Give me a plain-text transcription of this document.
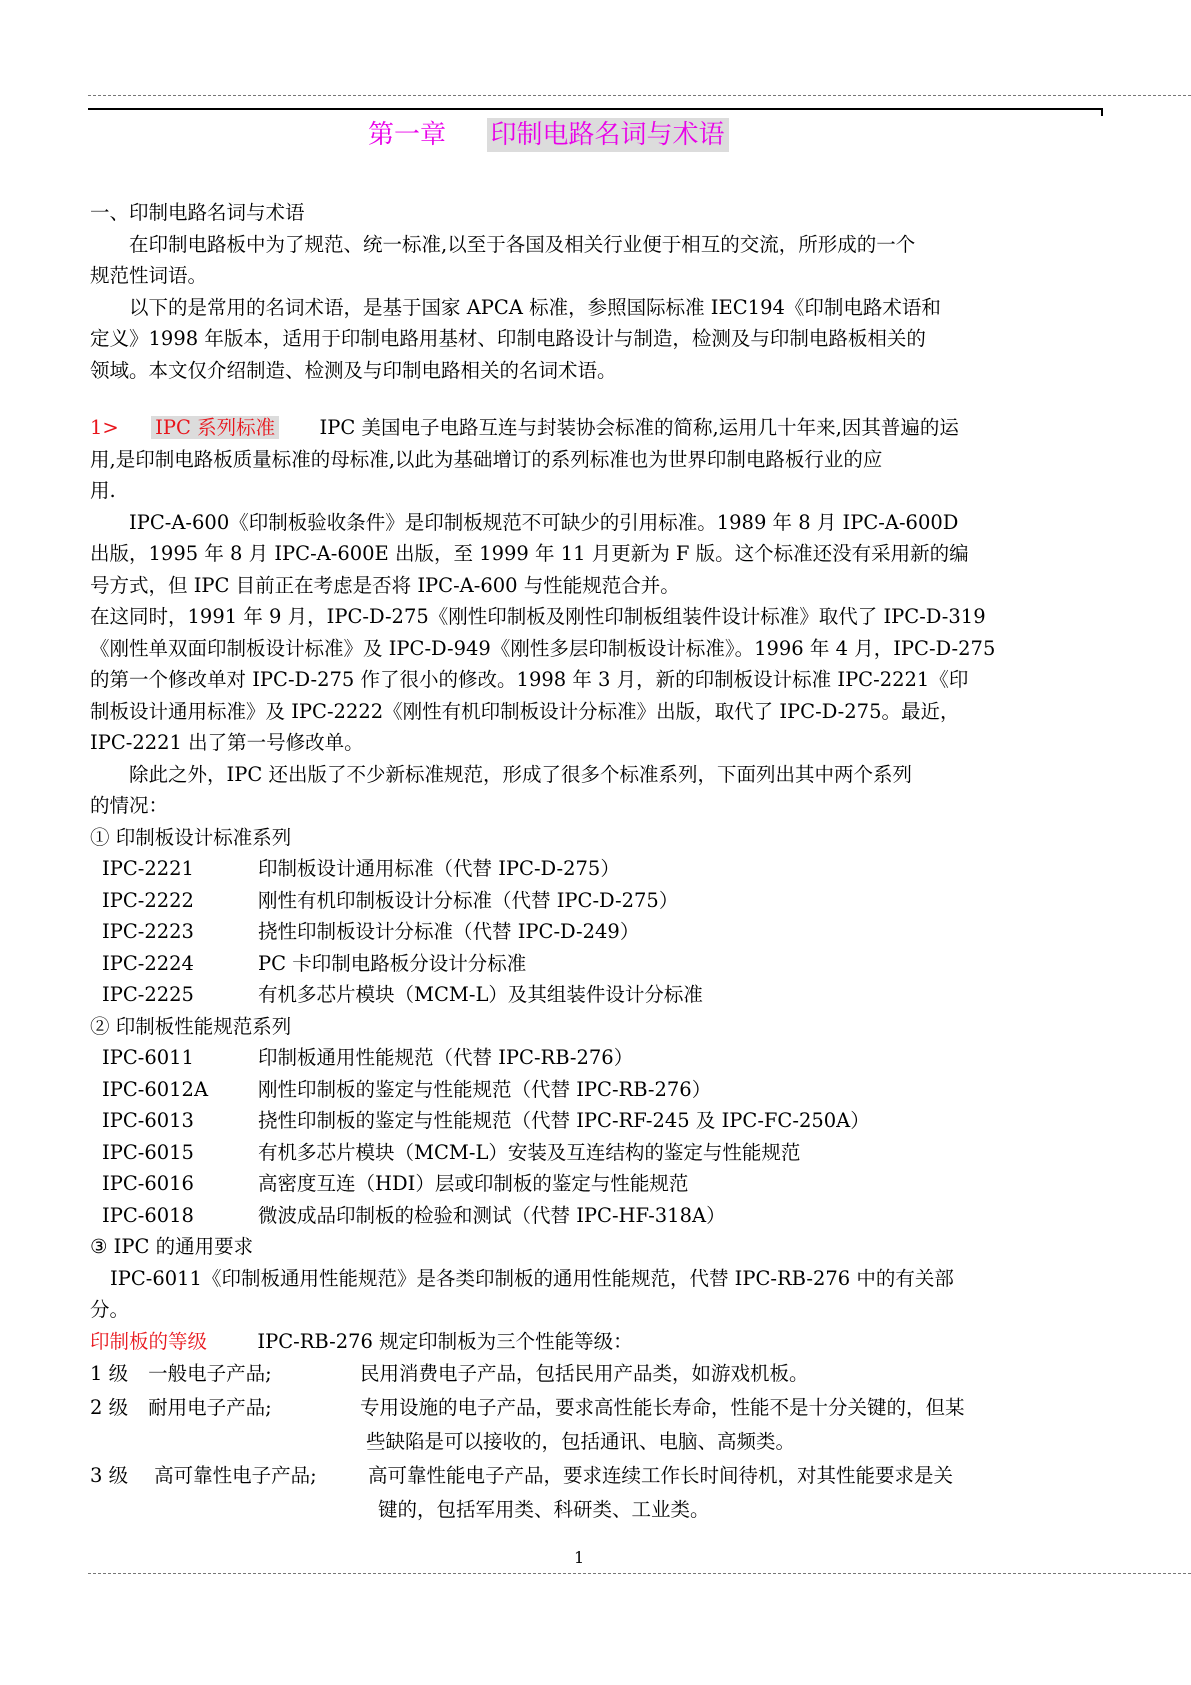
第一章 印制电路名词与术语
一、印制电路名词与术语
在印制电路板中为了规范、统一标准,以至于各国及相关行业便于相互的交流，所形成的一个
规范性词语。
以下的是常用的名词术语，是基于国家 APCA 标准，参照国际标准 IEC194《印制电路术语和
定义》1998 年版本，适用于印制电路用基材、印制电路设计与制造，检测及与印制电路板相关的
领域。本文仅介绍制造、检测及与印制电路相关的名词术语。
1> IPC 系列标准 IPC 美国电子电路互连与封装协会标准的简称,运用几十年来,因其普遍的运
用,是印制电路板质量标准的母标准,以此为基础增订的系列标准也为世界印制电路板行业的应
用.
IPC-A-600《印制板验收条件》是印制板规范不可缺少的引用标准。1989 年 8 月 IPC-A-600D
出版，1995 年 8 月 IPC-A-600E 出版，至 1999 年 11 月更新为 F 版。这个标准还没有采用新的编
号方式，但 IPC 目前正在考虑是否将 IPC-A-600 与性能规范合并。
在这同时，1991 年 9 月，IPC-D-275《刚性印制板及刚性印制板组装件设计标准》取代了 IPC-D-319
《刚性单双面印制板设计标准》及 IPC-D-949《刚性多层印制板设计标准》。1996 年 4 月，IPC-D-275
的第一个修改单对 IPC-D-275 作了很小的修改。1998 年 3 月，新的印制板设计标准 IPC-2221《印
制板设计通用标准》及 IPC-2222《刚性有机印制板设计分标准》出版，取代了 IPC-D-275。最近，
IPC-2221 出了第一号修改单。
除此之外，IPC 还出版了不少新标准规范，形成了很多个标准系列，下面列出其中两个系列
的情况：
① 印制板设计标准系列
IPC-2221	印制板设计通用标准（代替 IPC-D-275）
IPC-2222	刚性有机印制板设计分标准（代替 IPC-D-275）
IPC-2223	挠性印制板设计分标准（代替 IPC-D-249）
IPC-2224	PC 卡印制电路板分设计分标准
IPC-2225	有机多芯片模块（MCM-L）及其组装件设计分标准
② 印制板性能规范系列
IPC-6011	印制板通用性能规范（代替 IPC-RB-276）
IPC-6012A	刚性印制板的鉴定与性能规范（代替 IPC-RB-276）
IPC-6013	挠性印制板的鉴定与性能规范（代替 IPC-RF-245 及 IPC-FC-250A）
IPC-6015	有机多芯片模块（MCM-L）安装及互连结构的鉴定与性能规范
IPC-6016	高密度互连（HDI）层或印制板的鉴定与性能规范
IPC-6018	微波成品印制板的检验和测试（代替 IPC-HF-318A）
③ IPC 的通用要求
IPC-6011《印制板通用性能规范》是各类印制板的通用性能规范，代替 IPC-RB-276 中的有关部
分。
印制板的等级	IPC-RB-276 规定印制板为三个性能等级：
1 级 一般电子产品;	民用消费电子产品，包括民用产品类，如游戏机板。
2 级 耐用电子产品;	专用设施的电子产品，要求高性能长寿命，性能不是十分关键的，但某
些缺陷是可以接收的，包括通讯、电脑、高频类。
3 级 高可靠性电子产品;	高可靠性能电子产品，要求连续工作长时间待机，对其性能要求是关
键的，包括军用类、科研类、工业类。
1
